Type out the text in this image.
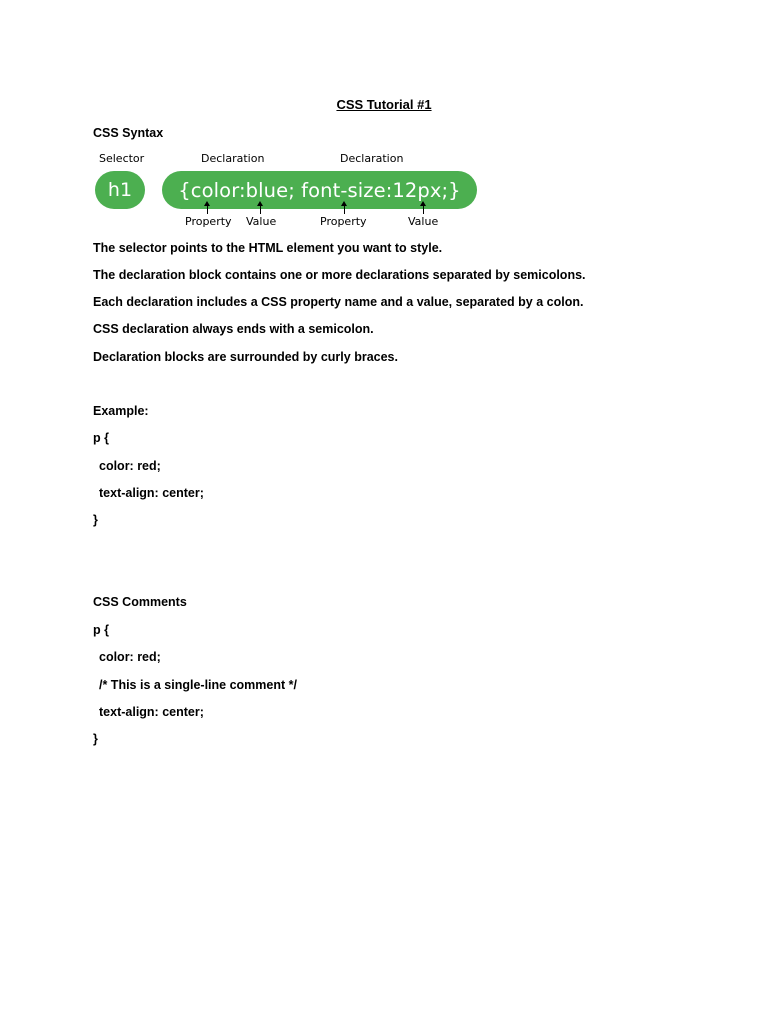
CSS Tutorial #1
CSS Syntax
Selector	Declaration	Declaration
h1	{color:blue; font-size:12px;}
Property Value	Property	Value
The selector points to the HTML element you want to style.
The declaration block contains one or more declarations separated by semicolons.
Each declaration includes a CSS property name and a value, separated by a colon.
CSS declaration always ends with a semicolon.
Declaration blocks are surrounded by curly braces.
Example:
p {
color: red;
text-align: center;
}
CSS Comments
p {
color: red;
/* This is a single-line comment */
text-align: center;
}
